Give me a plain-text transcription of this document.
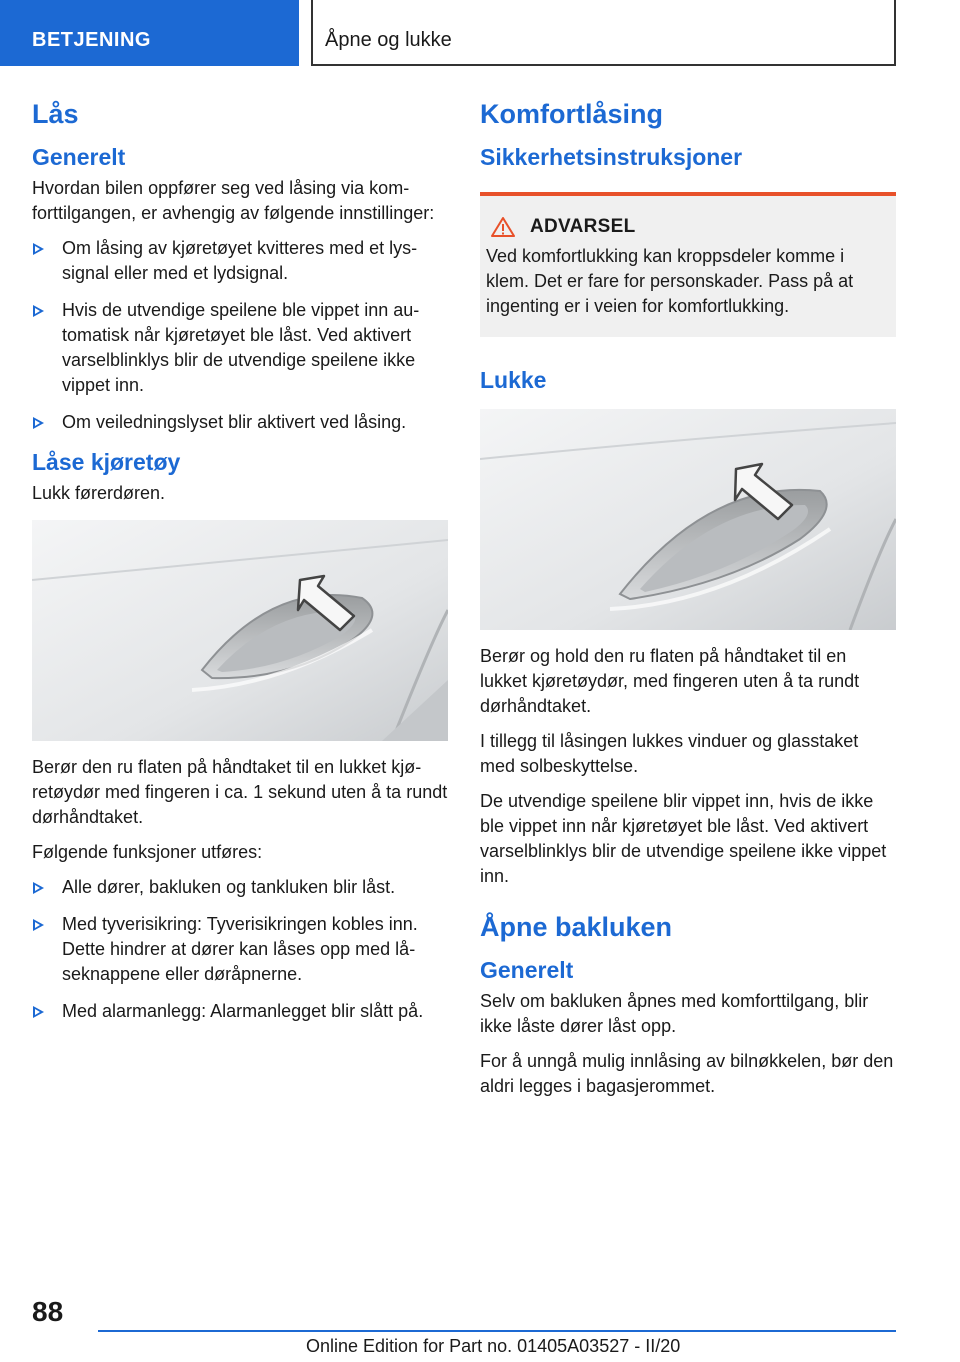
BETJENING	Åpne og lukke
Lås
Generelt

Hvordan bilen oppfører seg ved låsing via komforttilgangen, er avhengig av følgende innstillinger:

Om låsing av kjøretøyet kvitteres med et lyssignal eller med et lydsignal.
Hvis de utvendige speilene ble vippet inn automatisk når kjøretøyet ble låst. Ved aktivert varselblinklys blir de utvendige speilene ikke vippet inn.
Om veiledningslyset blir aktivert ved låsing.
Låse kjøretøy

Lukk førerdøren.

Berør den ru flaten på håndtaket til en lukket kjøretøydør med fingeren i ca. 1 sekund uten å ta rundt dørhåndtaket.

Følgende funksjoner utføres:

Alle dører, bakluken og tankluken blir låst.
Med tyverisikring: Tyverisikringen kobles inn. Dette hindrer at dører kan låses opp med låseknappene eller døråpnerne.
Med alarmanlegg: Alarmanlegget blir slått på.
Komfortlåsing
Sikkerhetsinstruksjoner
ADVARSEL

Ved komfortlukking kan kroppsdeler komme i klem. Det er fare for personskader. Pass på at ingenting er i veien for komfortlukking.

Lukke

Berør og hold den ru flaten på håndtaket til en lukket kjøretøydør, med fingeren uten å ta rundt dørhåndtaket.

I tillegg til låsingen lukkes vinduer og glasstaket med solbeskyttelse.

De utvendige speilene blir vippet inn, hvis de ikke ble vippet inn når kjøretøyet ble låst. Ved aktivert varselblinklys blir de utvendige speilene ikke vippet inn.

Åpne bakluken
Generelt

Selv om bakluken åpnes med komforttilgang, blir ikke låste dører låst opp.

For å unngå mulig innlåsing av bilnøkkelen, bør den aldri legges i bagasjerommet.

88
Online Edition for Part no. 01405A03527 - II/20
